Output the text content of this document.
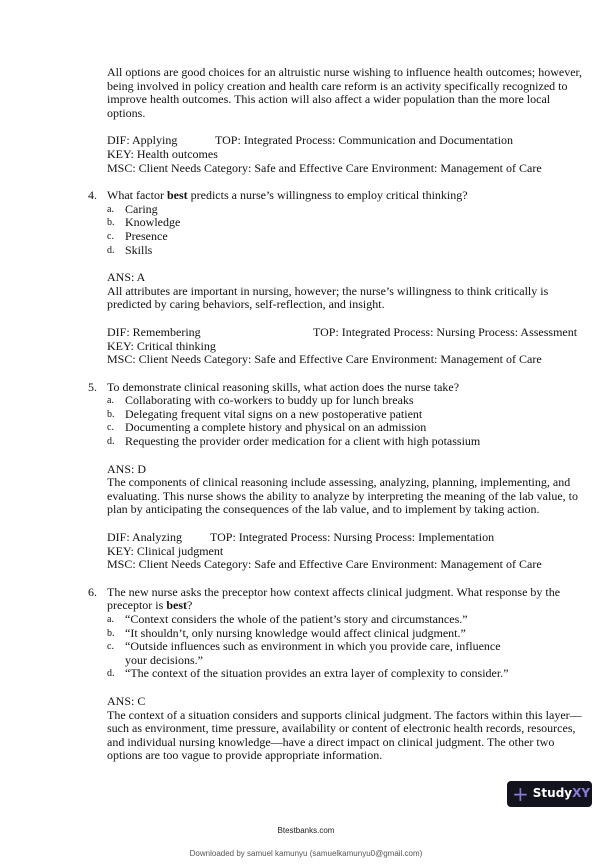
All options are good choices for an altruistic nurse wishing to influence health outcomes; however, being involved in policy creation and health care reform is an activity specifically recognized to improve health outcomes. This action will also affect a wider population than the more local options.
DIF: Applying	TOP: Integrated Process: Communication and Documentation
KEY: Health outcomes
MSC: Client Needs Category: Safe and Effective Care Environment: Management of Care
4. What factor best predicts a nurse’s willingness to employ critical thinking?
a. Caring
b. Knowledge
c. Presence
d. Skills
ANS: A
All attributes are important in nursing, however; the nurse’s willingness to think critically is predicted by caring behaviors, self-reflection, and insight.
DIF: Remembering	TOP: Integrated Process: Nursing Process: Assessment
KEY: Critical thinking
MSC: Client Needs Category: Safe and Effective Care Environment: Management of Care
5. To demonstrate clinical reasoning skills, what action does the nurse take?
a. Collaborating with co-workers to buddy up for lunch breaks
b. Delegating frequent vital signs on a new postoperative patient
c. Documenting a complete history and physical on an admission
d. Requesting the provider order medication for a client with high potassium
ANS: D
The components of clinical reasoning include assessing, analyzing, planning, implementing, and evaluating. This nurse shows the ability to analyze by interpreting the meaning of the lab value, to plan by anticipating the consequences of the lab value, and to implement by taking action.
DIF: Analyzing TOP: Integrated Process: Nursing Process: Implementation
KEY: Clinical judgment
MSC: Client Needs Category: Safe and Effective Care Environment: Management of Care
6. The new nurse asks the preceptor how context affects clinical judgment. What response by the preceptor is best?
a. “Context considers the whole of the patient’s story and circumstances.”
b. “It shouldn’t, only nursing knowledge would affect clinical judgment.”
c. “Outside influences such as environment in which you provide care, influence your decisions.”
d. “The context of the situation provides an extra layer of complexity to consider.”
ANS: C
The context of a situation considers and supports clinical judgment. The factors within this layer—such as environment, time pressure, availability or content of electronic health records, resources, and individual nursing knowledge—have a direct impact on clinical judgment. The other two options are too vague to provide appropriate information.
+ Study XY
Btestbanks.com
Downloaded by samuel kamunyu (samuelkamunyu0@gmail.com)
